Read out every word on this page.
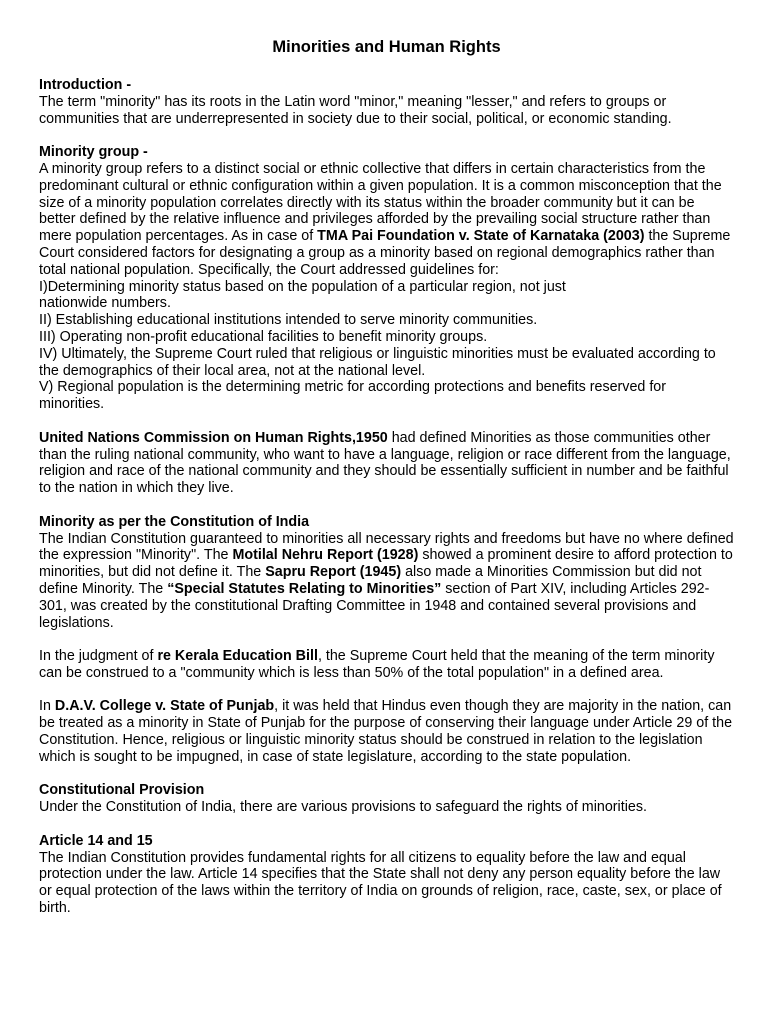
Minorities and Human Rights
Introduction -

The term "minority" has its roots in the Latin word "minor," meaning "lesser," and refers to groups or communities that are underrepresented in society due to their social, political, or economic standing.

Minority group -

A minority group refers to a distinct social or ethnic collective that differs in certain characteristics from the predominant cultural or ethnic configuration within a given population. It is a common misconception that the size of a minority population correlates directly with its status within the broader community but it can be better defined by the relative influence and privileges afforded by the prevailing social structure rather than mere population percentages. As in case of TMA Pai Foundation v. State of Karnataka (2003) the Supreme Court considered factors for designating a group as a minority based on regional demographics rather than total national population. Specifically, the Court addressed guidelines for:

I)Determining minority status based on the population of a particular region, not just

nationwide numbers.

II) Establishing educational institutions intended to serve minority communities.

III) Operating non-profit educational facilities to benefit minority groups.

IV) Ultimately, the Supreme Court ruled that religious or linguistic minorities must be evaluated according to the demographics of their local area, not at the national level.

V) Regional population is the determining metric for according protections and benefits reserved for minorities.

United Nations Commission on Human Rights,1950 had defined Minorities as those communities other than the ruling national community, who want to have a language, religion or race different from the language, religion and race of the national community and they should be essentially sufficient in number and be faithful to the nation in which they live.

Minority as per the Constitution of India

The Indian Constitution guaranteed to minorities all necessary rights and freedoms but have no where defined the expression "Minority". The Motilal Nehru Report (1928) showed a prominent desire to afford protection to minorities, but did not define it. The Sapru Report (1945) also made a Minorities Commission but did not define Minority. The “Special Statutes Relating to Minorities” section of Part XIV, including Articles 292-301, was created by the constitutional Drafting Committee in 1948 and contained several provisions and legislations.

In the judgment of re Kerala Education Bill, the Supreme Court held that the meaning of the term minority can be construed to a "community which is less than 50% of the total population" in a defined area.

In D.A.V. College v. State of Punjab, it was held that Hindus even though they are majority in the nation, can be treated as a minority in State of Punjab for the purpose of conserving their language under Article 29 of the Constitution. Hence, religious or linguistic minority status should be construed in relation to the legislation which is sought to be impugned, in case of state legislature, according to the state population.

Constitutional Provision

Under the Constitution of India, there are various provisions to safeguard the rights of minorities.

Article 14 and 15

The Indian Constitution provides fundamental rights for all citizens to equality before the law and equal protection under the law. Article 14 specifies that the State shall not deny any person equality before the law or equal protection of the laws within the territory of India on grounds of religion, race, caste, sex, or place of birth.
